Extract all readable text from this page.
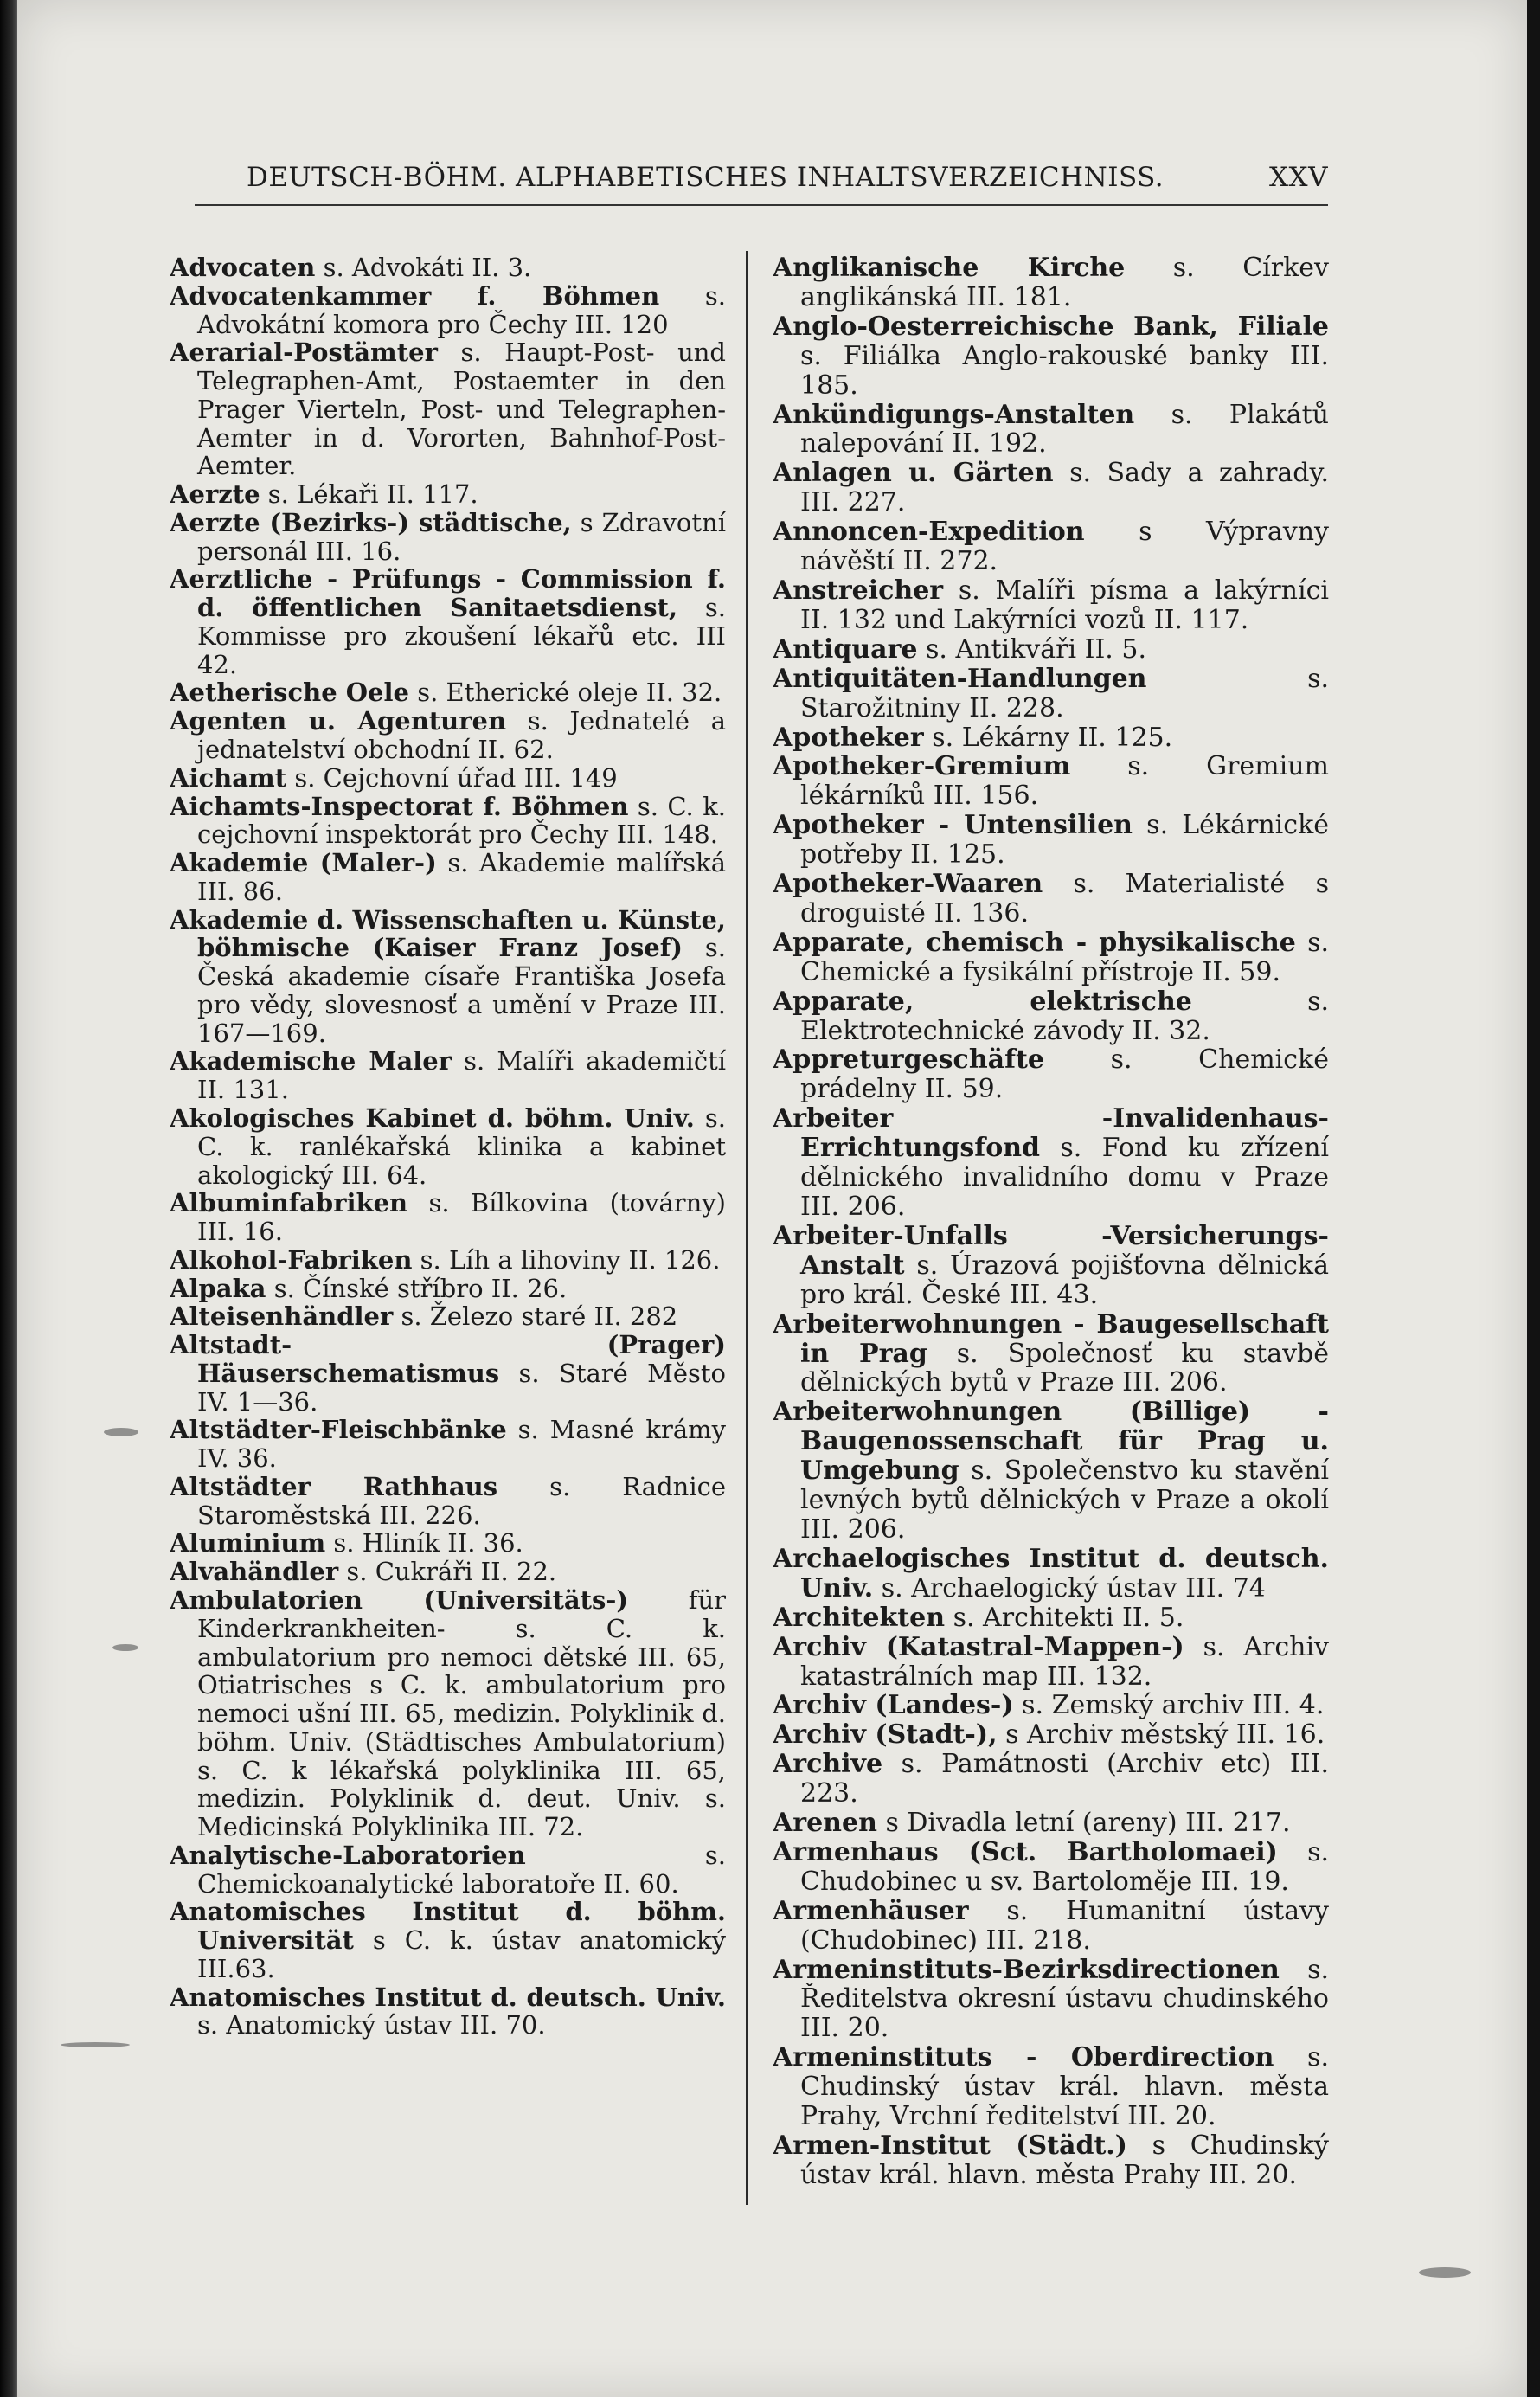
DEUTSCH-BÖHM. ALPHABETISCHES INHALTSVERZEICHNISS.	XXV

Advocaten s. Advokáti II. 3.

Advocatenkammer f. Böhmen s. Advokátní komora pro Čechy III. 120

Aerarial-Postämter s. Haupt-Post- und Telegraphen-Amt, Postaemter in den Prager Vierteln, Post- und Telegraphen-Aemter in d. Vororten, Bahnhof-Post-Aemter.

Aerzte s. Lékaři II. 117.

Aerzte (Bezirks-) städtische, s Zdravotní personál III. 16.

Aerztliche - Prüfungs - Commission f. d. öffentlichen Sanitaetsdienst, s. Kommisse pro zkoušení lékařů etc. III 42.

Aetherische Oele s. Etherické oleje II. 32.

Agenten u. Agenturen s. Jednatelé a jednatelství obchodní II. 62.

Aichamt s. Cejchovní úřad III. 149

Aichamts-Inspectorat f. Böhmen s. C. k. cejchovní inspektorát pro Čechy III. 148.

Akademie (Maler-) s. Akademie malířská III. 86.

Akademie d. Wissenschaften u. Künste, böhmische (Kaiser Franz Josef) s. Česká akademie císaře Františka Josefa pro vědy, slovesnosť a umění v Praze III. 167—169.

Akademische Maler s. Malíři akademičtí II. 131.

Akologisches Kabinet d. böhm. Univ. s. C. k. ranlékařská klinika a kabinet akologický III. 64.

Albuminfabriken s. Bílkovina (továrny) III. 16.

Alkohol-Fabriken s. Líh a lihoviny II. 126.

Alpaka s. Čínské stříbro II. 26.

Alteisenhändler s. Železo staré II. 282

Altstadt- (Prager) Häuserschematismus s. Staré Město IV. 1—36.

Altstädter-Fleischbänke s. Masné krámy IV. 36.

Altstädter Rathhaus s. Radnice Staroměstská III. 226.

Aluminium s. Hliník II. 36.

Alvahändler s. Cukráři II. 22.

Ambulatorien (Universitäts-) für Kinderkrankheiten- s. C. k. ambulatorium pro nemoci dětské III. 65, Otiatrisches s C. k. ambulatorium pro nemoci ušní III. 65, medizin. Polyklinik d. böhm. Univ. (Städtisches Ambulatorium) s. C. k lékařská polyklinika III. 65, medizin. Polyklinik d. deut. Univ. s. Medicinská Polyklinika III. 72.

Analytische-Laboratorien	s. Chemickoanalytické laboratoře II. 60.

Anatomisches Institut d. böhm. Universität s C. k. ústav anatomický III.63.

Anatomisches Institut d. deutsch. Univ. s. Anatomický ústav III. 70.

Anglikanische Kirche s. Církev anglikánská III. 181.

Anglo-Oesterreichische Bank, Filiale s. Filiálka Anglo-rakouské banky III. 185.

Ankündigungs-Anstalten s. Plakátů nalepování II. 192.

Anlagen u. Gärten s. Sady a zahrady. III. 227.

Annoncen-Expedition s Výpravny návěští II. 272.

Anstreicher s. Malíři písma a lakýrníci II. 132 und Lakýrníci vozů II. 117.

Antiquare s. Antikváři II. 5.

Antiquitäten-Handlungen	s. Starožitniny II. 228.

Apotheker s. Lékárny II. 125.

Apotheker-Gremium s. Gremium lékárníků III. 156.

Apotheker - Untensilien s. Lékárnické potřeby II. 125.

Apotheker-Waaren s. Materialisté s droguisté II. 136.

Apparate, chemisch - physikalische s. Chemické a fysikální přístroje II. 59.

Apparate, elektrische	s. Elektrotechnické závody II. 32.

Appreturgeschäfte	s. Chemické prádelny II. 59.

Arbeiter -Invalidenhaus-Errichtungsfond s. Fond ku zřízení dělnického invalidního domu v Praze III. 206.

Arbeiter-Unfalls -Versicherungs-Anstalt s. Úrazová pojišťovna dělnická pro král. České III. 43.

Arbeiterwohnungen - Baugesellschaft in Prag s. Společnosť ku stavbě dělnických bytů v Praze III. 206.

Arbeiterwohnungen (Billige) -Baugenossenschaft für Prag u. Umgebung s. Společenstvo ku stavění levných bytů dělnických v Praze a okolí III. 206.

Archaelogisches Institut d. deutsch. Univ. s. Archaelogický ústav III. 74

Architekten s. Architekti II. 5.

Archiv (Katastral-Mappen-) s. Archiv katastrálních map III. 132.

Archiv (Landes-) s. Zemský archiv III. 4.

Archiv (Stadt-), s Archiv městský III. 16.

Archive s. Památnosti (Archiv etc) III. 223.

Arenen s Divadla letní (areny) III. 217.

Armenhaus (Sct. Bartholomaei) s. Chudobinec u sv. Bartoloměje III. 19.

Armenhäuser s. Humanitní ústavy (Chudobinec) III. 218.

Armeninstituts-Bezirksdirectionen s. Ředitelstva okresní ústavu chudinského III. 20.

Armeninstituts - Oberdirection s. Chudinský ústav král. hlavn. města Prahy, Vrchní ředitelství III. 20.

Armen-Institut (Städt.) s Chudinský ústav král. hlavn. města Prahy III. 20.
